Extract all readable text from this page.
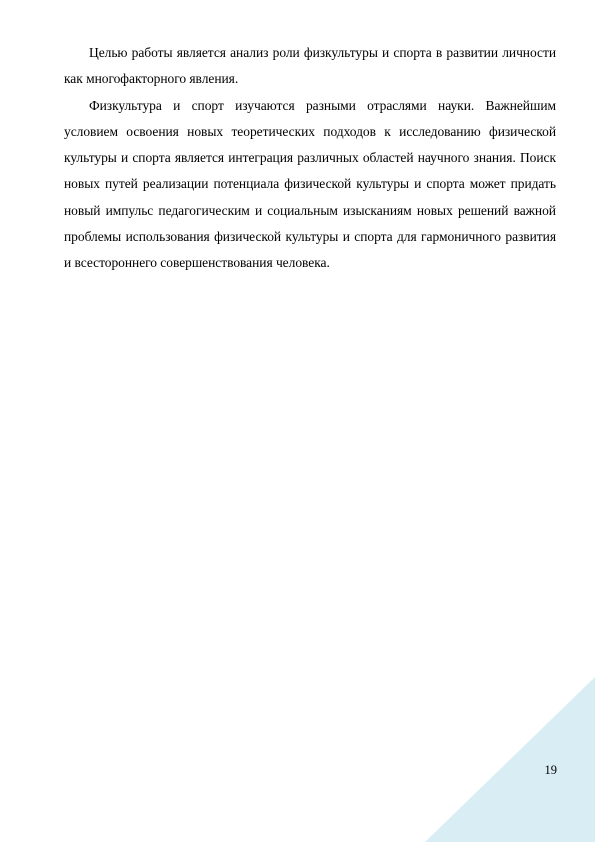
Целью работы является анализ роли физкультуры и спорта в развитии личности как многофакторного явления.

Физкультура и спорт изучаются разными отраслями науки. Важнейшим условием освоения новых теоретических подходов к исследованию физической культуры и спорта является интеграция различных областей научного знания. Поиск новых путей реализации потенциала физической культуры и спорта может придать новый импульс педагогическим и социальным изысканиям новых решений важной проблемы использования физической культуры и спорта для гармоничного развития и всестороннего совершенствования человека.

19
